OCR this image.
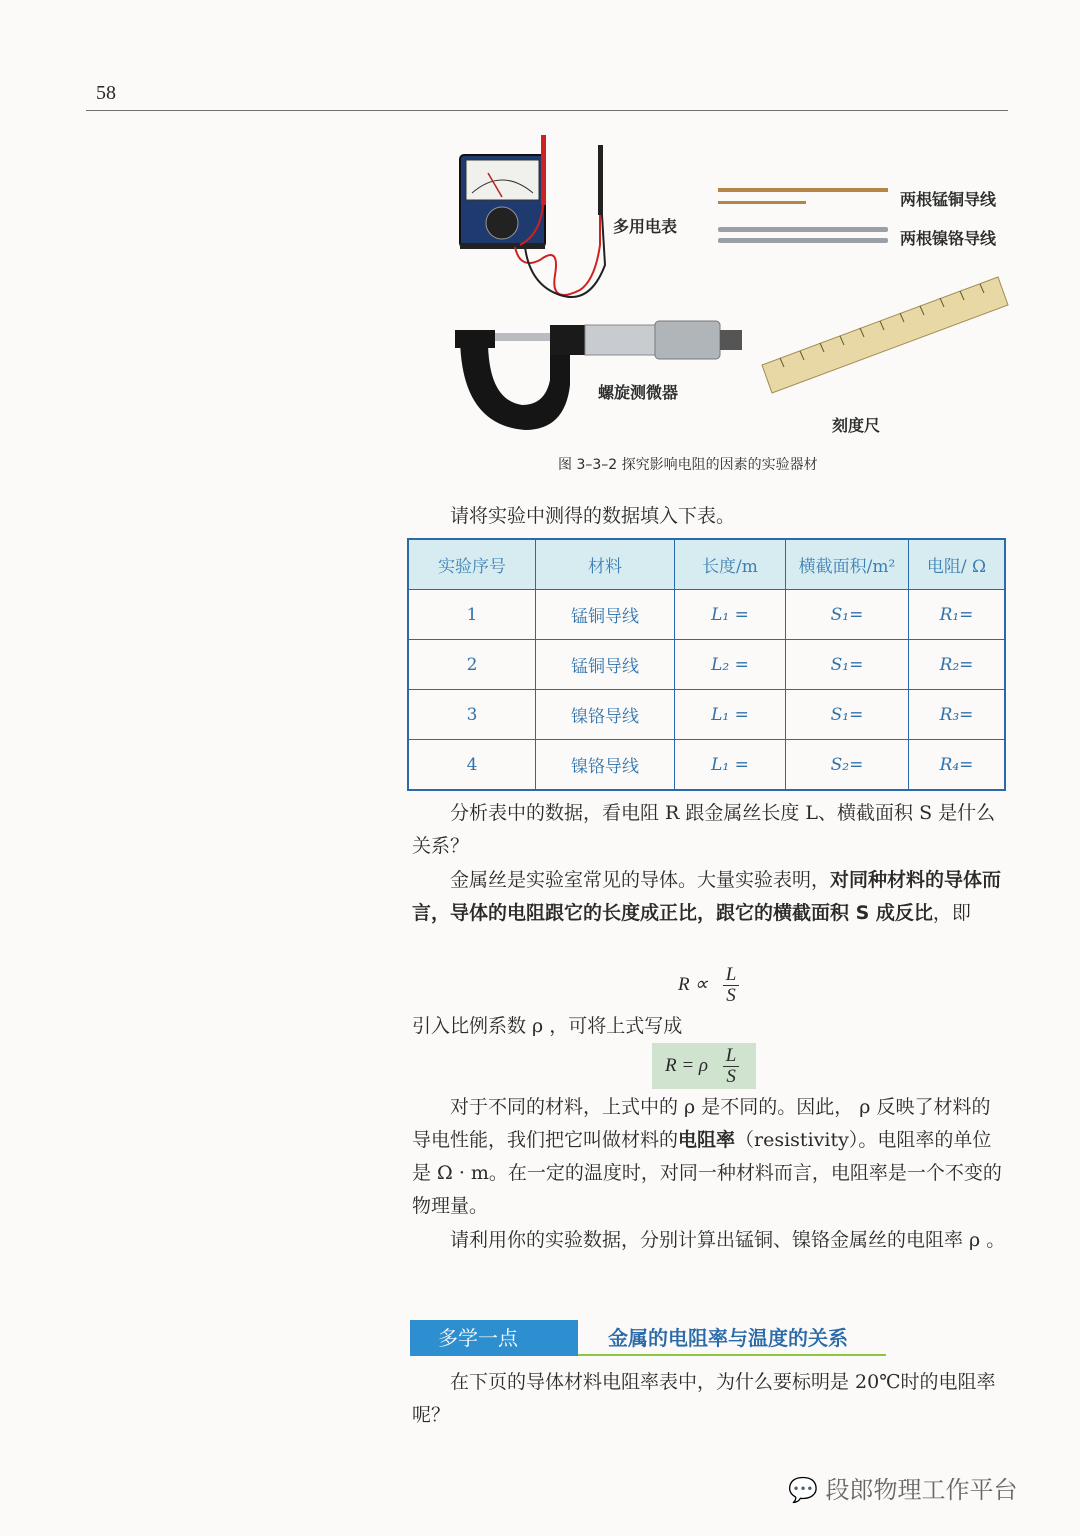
58
多用电表
两根锰铜导线
两根镍铬导线
螺旋测微器
刻度尺
图 3–3–2 探究影响电阻的因素的实验器材
请将实验中测得的数据填入下表。
实验序号	材料	长度/m	横截面积/m²	电阻/ Ω
1	锰铜导线	L₁ =	S₁=	R₁=
2	锰铜导线	L₂ =	S₁=	R₂=
3	镍铬导线	L₁ =	S₁=	R₃=
4	镍铬导线	L₁ =	S₂=	R₄=
分析表中的数据，看电阻 R 跟金属丝长度 L、横截面积 S 是什么关系？
金属丝是实验室常见的导体。大量实验表明，对同种材料的导体而言，导体的电阻跟它的长度成正比，跟它的横截面积 S 成反比，即
$R \propto \frac{L}{S}$
引入比例系数 ρ ，可将上式写成
R = ρ $\frac{L}{S}$
对于不同的材料，上式中的 ρ 是不同的。因此， ρ 反映了材料的导电性能，我们把它叫做材料的电阻率（resistivity）。电阻率的单位是 Ω · m。在一定的温度时，对同一种材料而言，电阻率是一个不变的物理量。
请利用你的实验数据，分别计算出锰铜、镍铬金属丝的电阻率 ρ 。
多学一点	金属的电阻率与温度的关系
在下页的导体材料电阻率表中，为什么要标明是 20℃时的电阻率呢？
💬 段郎物理工作平台
